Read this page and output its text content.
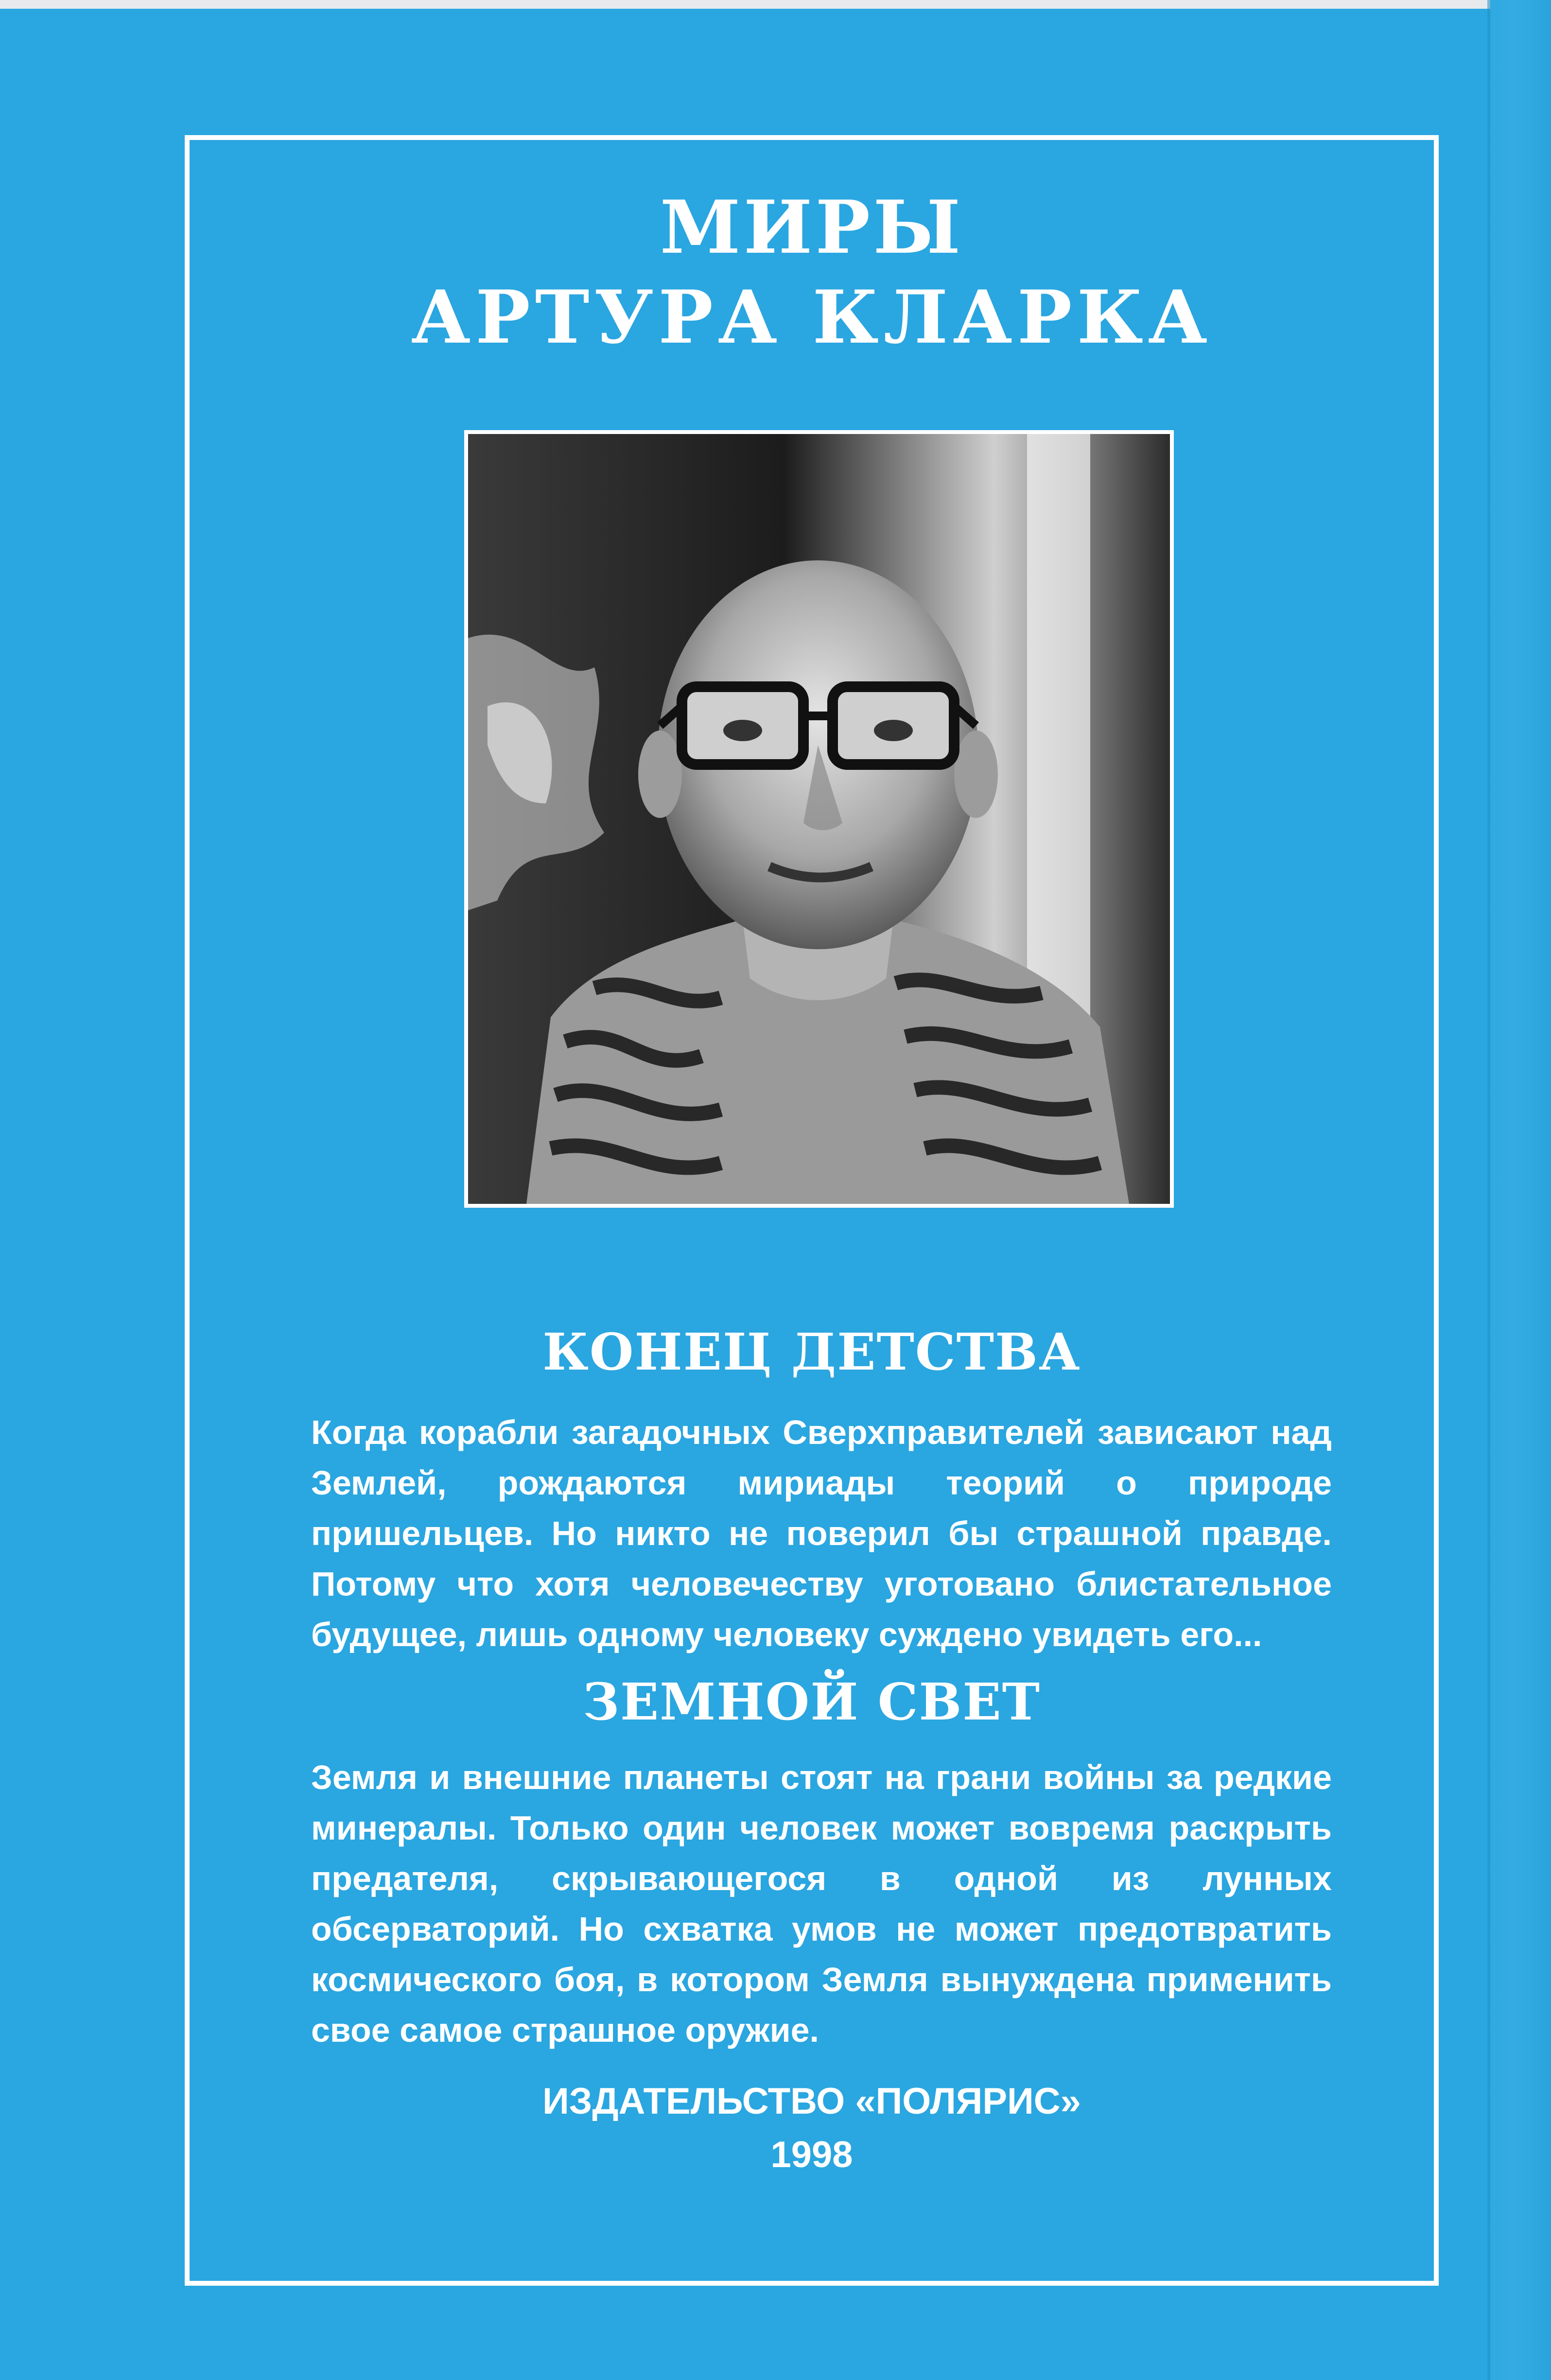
МИРЫ
АРТУРА КЛАРКА
КОНЕЦ ДЕТСТВА

Когда корабли загадочных Сверхправителей зависают над Землей, рождаются мириады теорий о природе пришельцев. Но никто не поверил бы страшной правде. Потому что хотя человечеству уготовано блистательное будущее, лишь одному человеку суждено увидеть его...

ЗЕМНОЙ СВЕТ

Земля и внешние планеты стоят на грани войны за редкие минералы. Только один человек может вовремя раскрыть предателя, скрывающегося в одной из лунных обсерваторий. Но схватка умов не может предотвратить космического боя, в котором Земля вынуждена применить свое самое страшное оружие.

ИЗДАТЕЛЬСТВО «ПОЛЯРИС»

1998
